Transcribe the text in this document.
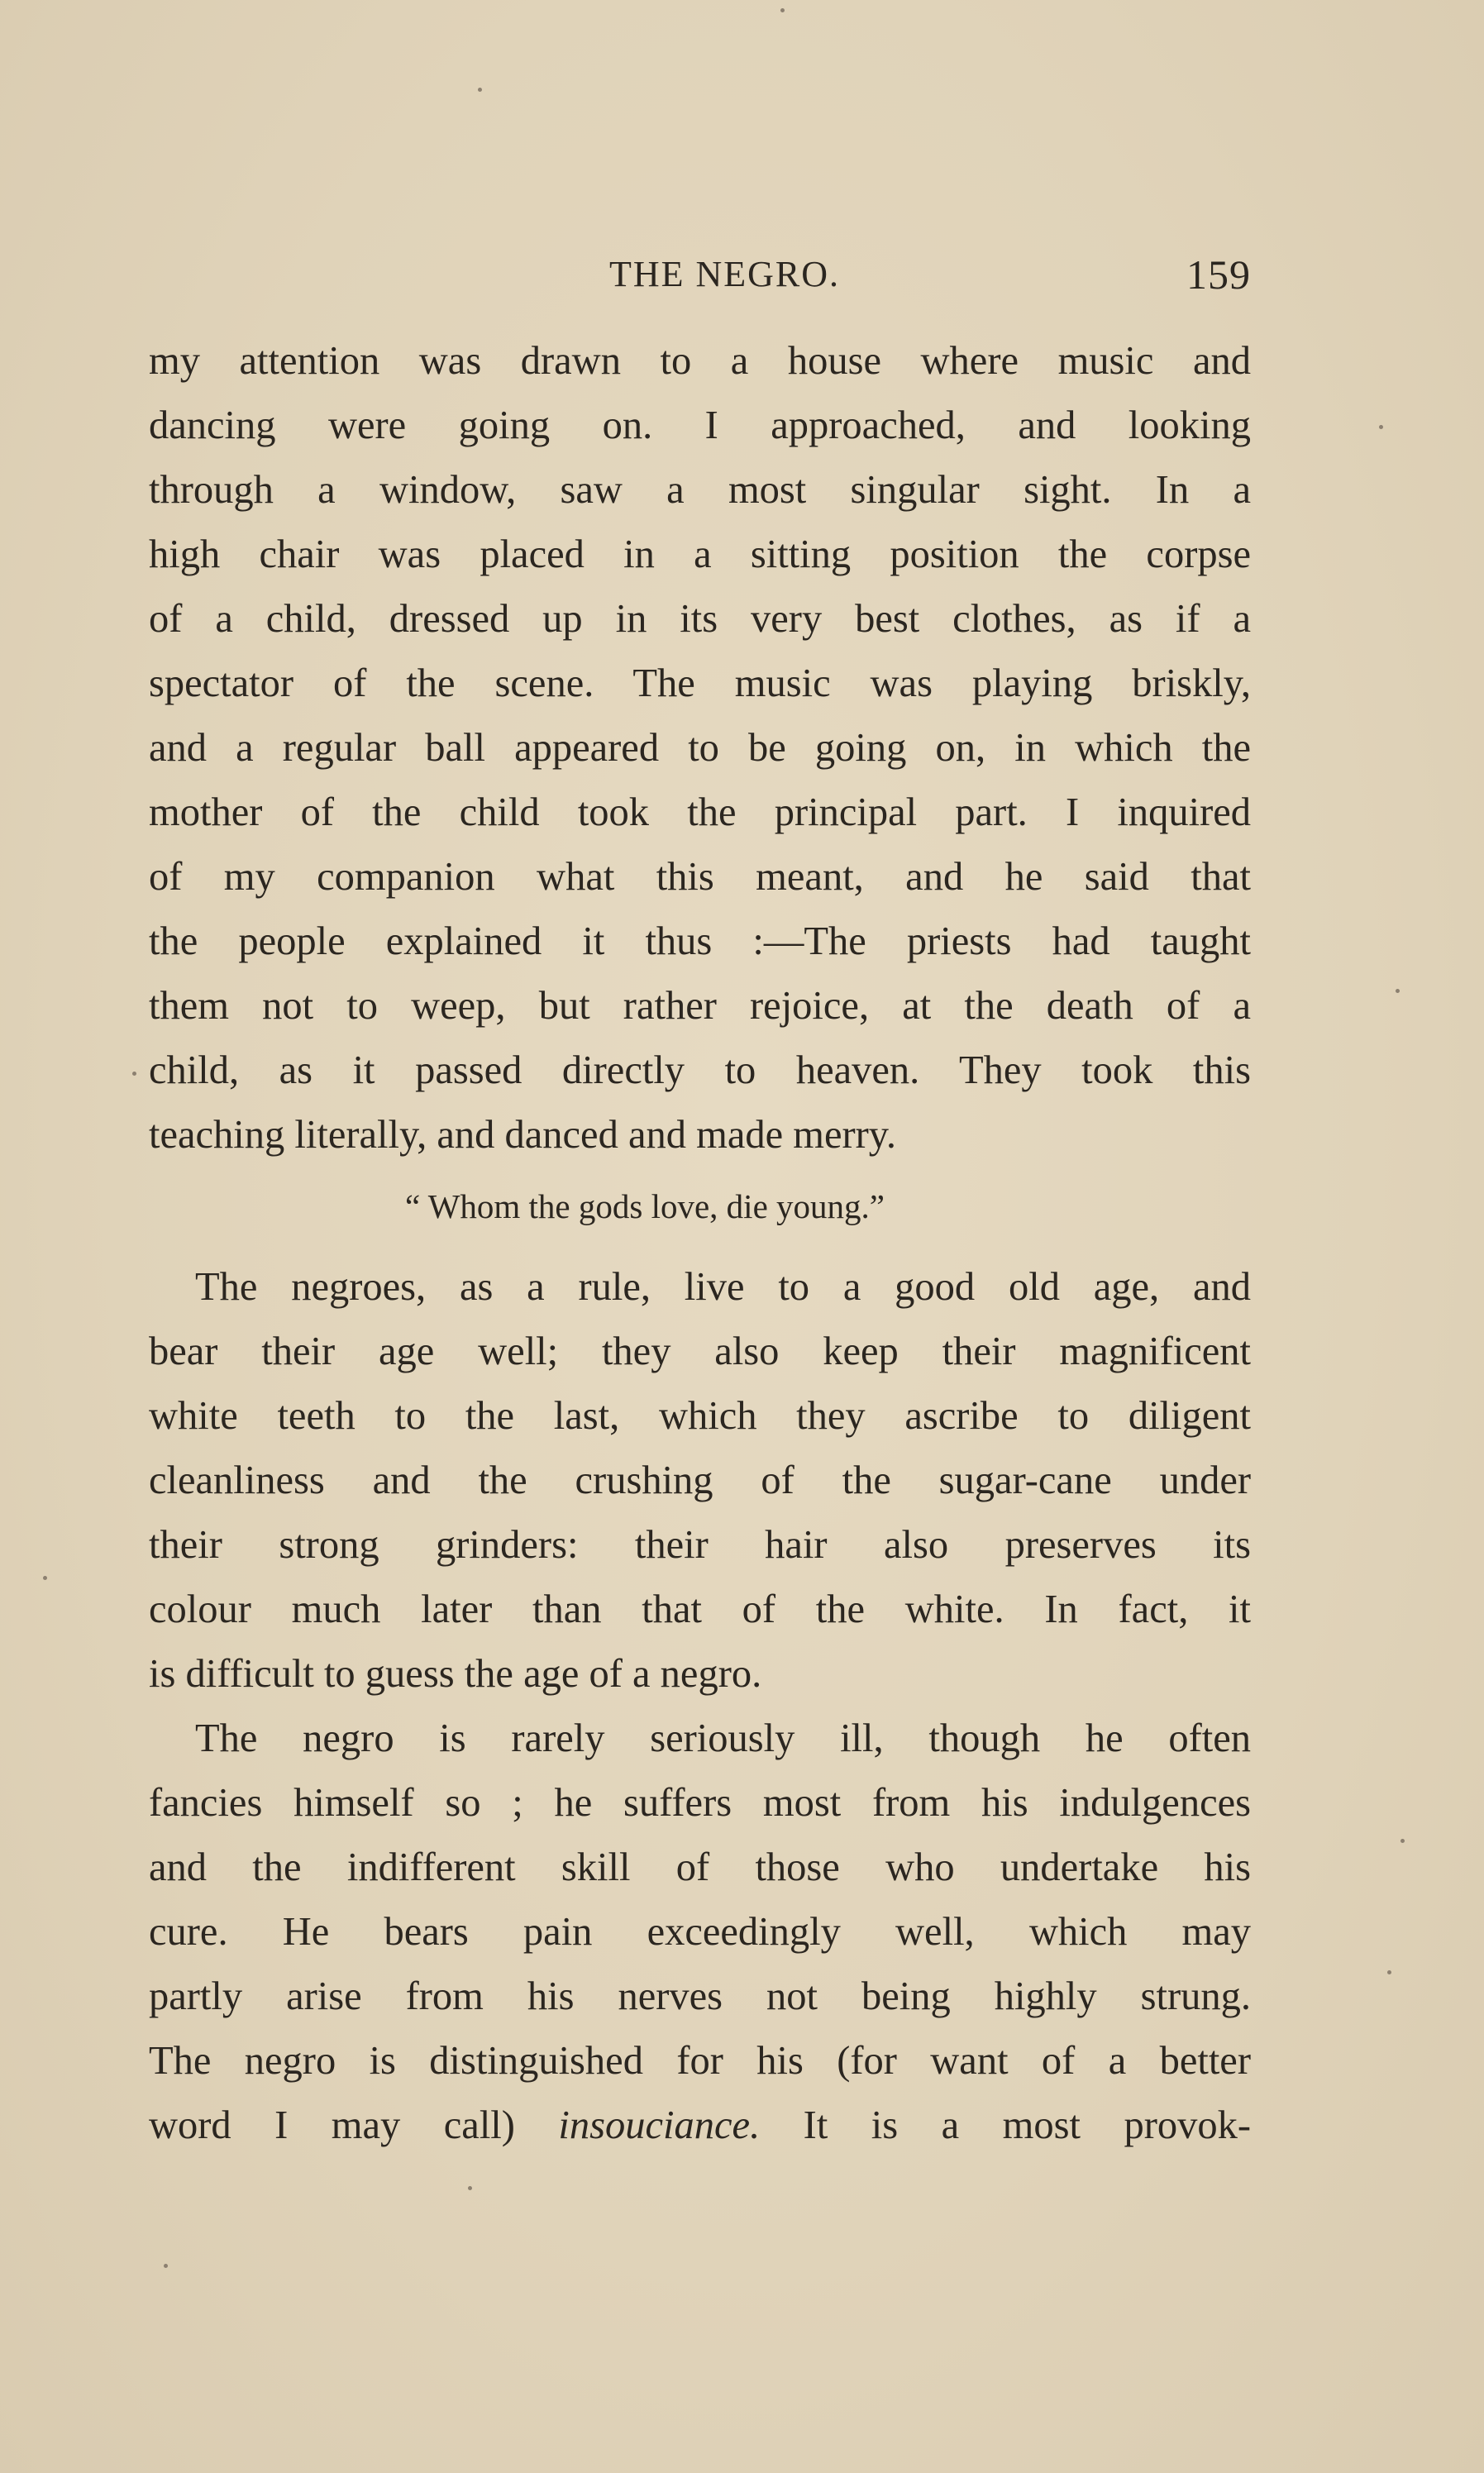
THE NEGRO.	159
my attention was drawn to a house where music and
dancing were going on. I approached, and looking
through a window, saw a most singular sight. In a
high chair was placed in a sitting position the corpse
of a child, dressed up in its very best clothes, as if a
spectator of the scene. The music was playing briskly,
and a regular ball appeared to be going on, in which the
mother of the child took the principal part. I inquired
of my companion what this meant, and he said that
the people explained it thus :—The priests had taught
them not to weep, but rather rejoice, at the death of a
child, as it passed directly to heaven. They took this
teaching literally, and danced and made merry.
“ Whom the gods love, die young.”
The negroes, as a rule, live to a good old age, and
bear their age well; they also keep their magnificent
white teeth to the last, which they ascribe to diligent
cleanliness and the crushing of the sugar-cane under
their strong grinders: their hair also preserves its
colour much later than that of the white. In fact, it
is difficult to guess the age of a negro.
The negro is rarely seriously ill, though he often
fancies himself so ; he suffers most from his indulgences
and the indifferent skill of those who undertake his
cure. He bears pain exceedingly well, which may
partly arise from his nerves not being highly strung.
The negro is distinguished for his (for want of a better
word I may call) insouciance. It is a most provok-
